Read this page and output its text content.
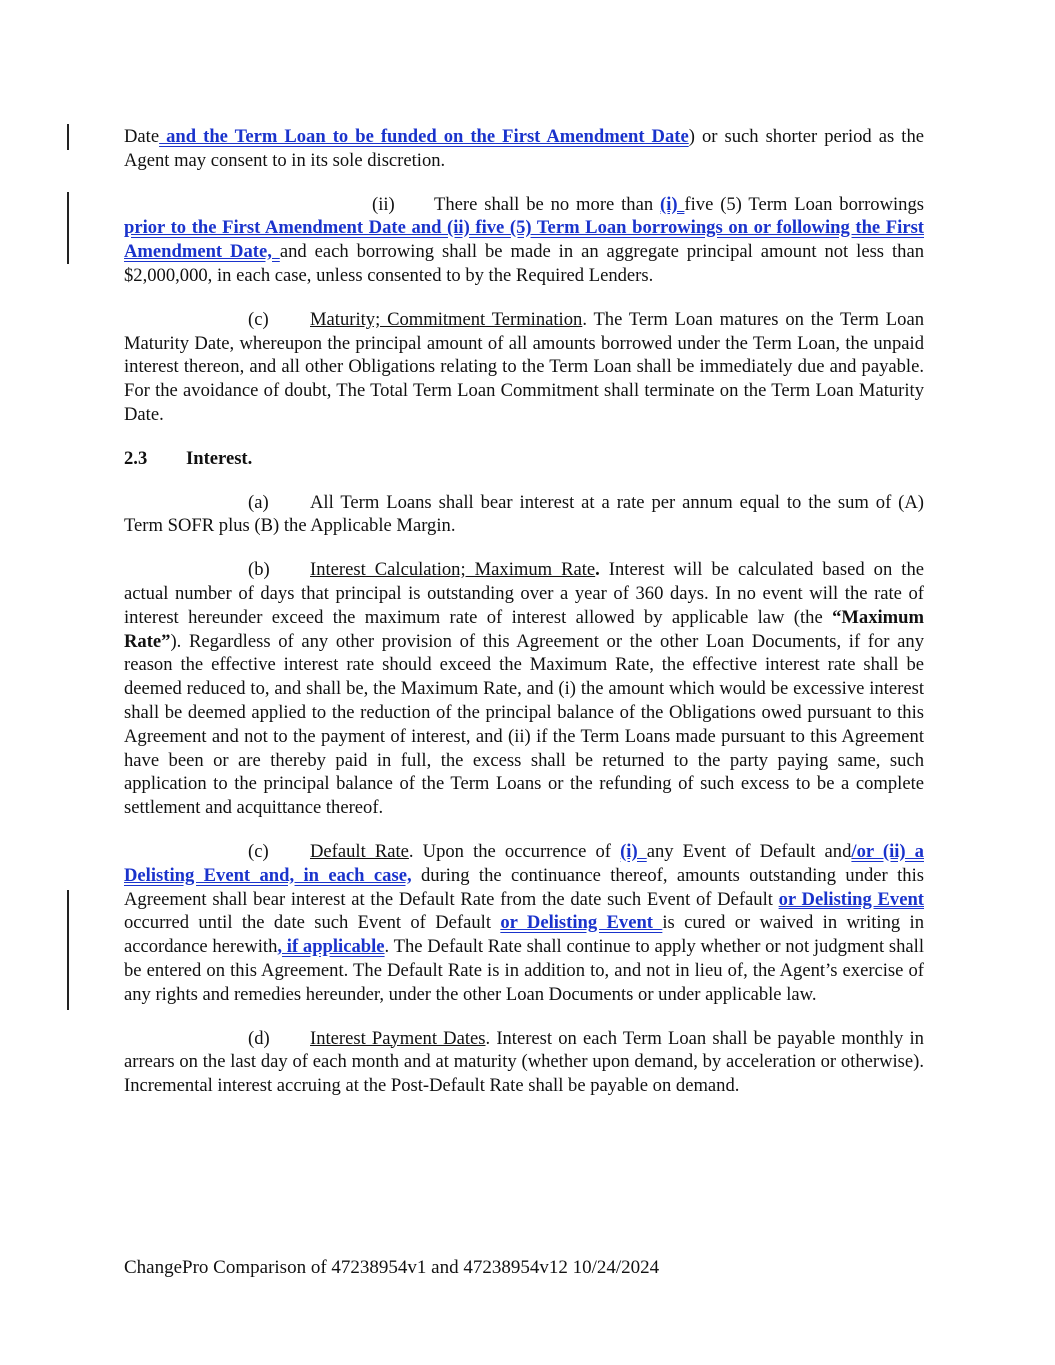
Date and the Term Loan to be funded on the First Amendment Date) or such shorter period as the Agent may consent to in its sole discretion.

(ii) There shall be no more than (i) five (5) Term Loan borrowings prior to the First Amendment Date and (ii) five (5) Term Loan borrowings on or following the First Amendment Date, and each borrowing shall be made in an aggregate principal amount not less than $2,000,000, in each case, unless consented to by the Required Lenders.

(c) Maturity; Commitment Termination. The Term Loan matures on the Term Loan Maturity Date, whereupon the principal amount of all amounts borrowed under the Term Loan, the unpaid interest thereon, and all other Obligations relating to the Term Loan shall be immediately due and payable. For the avoidance of doubt, The Total Term Loan Commitment shall terminate on the Term Loan Maturity Date.

2.3 Interest.

(a) All Term Loans shall bear interest at a rate per annum equal to the sum of (A) Term SOFR plus (B) the Applicable Margin.

(b) Interest Calculation; Maximum Rate. Interest will be calculated based on the actual number of days that principal is outstanding over a year of 360 days. In no event will the rate of interest hereunder exceed the maximum rate of interest allowed by applicable law (the “Maximum Rate”). Regardless of any other provision of this Agreement or the other Loan Documents, if for any reason the effective interest rate should exceed the Maximum Rate, the effective interest rate shall be deemed reduced to, and shall be, the Maximum Rate, and (i) the amount which would be excessive interest shall be deemed applied to the reduction of the principal balance of the Obligations owed pursuant to this Agreement and not to the payment of interest, and (ii) if the Term Loans made pursuant to this Agreement have been or are thereby paid in full, the excess shall be returned to the party paying same, such application to the principal balance of the Term Loans or the refunding of such excess to be a complete settlement and acquittance thereof.

(c) Default Rate. Upon the occurrence of (i) any Event of Default and/or (ii) a Delisting Event and, in each case, during the continuance thereof, amounts outstanding under this Agreement shall bear interest at the Default Rate from the date such Event of Default or Delisting Event occurred until the date such Event of Default or Delisting Event is cured or waived in writing in accordance herewith, if applicable. The Default Rate shall continue to apply whether or not judgment shall be entered on this Agreement. The Default Rate is in addition to, and not in lieu of, the Agent’s exercise of any rights and remedies hereunder, under the other Loan Documents or under applicable law.

(d) Interest Payment Dates. Interest on each Term Loan shall be payable monthly in arrears on the last day of each month and at maturity (whether upon demand, by acceleration or otherwise). Incremental interest accruing at the Post-Default Rate shall be payable on demand.

ChangePro Comparison of 47238954v1 and 47238954v12 10/24/2024
